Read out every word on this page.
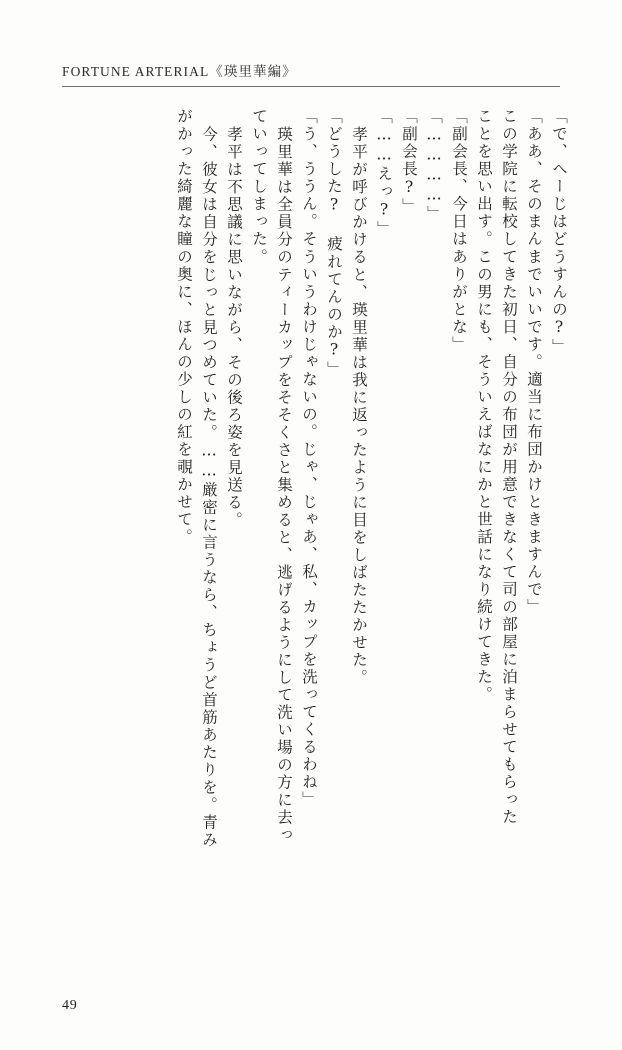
FORTUNE ARTERIAL《瑛里華編》
「で、へーじはどうすんの?」
「ああ、そのまんまでいいです。適当に布団かけときますんで」
この学院に転校してきた初日、自分の布団が用意できなくて司の部屋に泊まらせてもらった
ことを思い出す。この男にも、そういえばなにかと世話になり続けてきた。
「副会長、今日はありがとな」
「…………」
「副会長?」
「……えっ?」
孝平が呼びかけると、瑛里華は我に返ったように目をしばたたかせた。
「どうした? 疲れてんのか?」
「う、ううん。そういうわけじゃないの。じゃ、じゃあ、私、カップを洗ってくるわね」
瑛里華は全員分のティーカップをそそくさと集めると、逃げるようにして洗い場の方に去っ
ていってしまった。
孝平は不思議に思いながら、その後ろ姿を見送る。
今、彼女は自分をじっと見つめていた。……厳密に言うなら、ちょうど首筋あたりを。青み
がかった綺麗な瞳の奥に、ほんの少しの紅を覗かせて。
49
